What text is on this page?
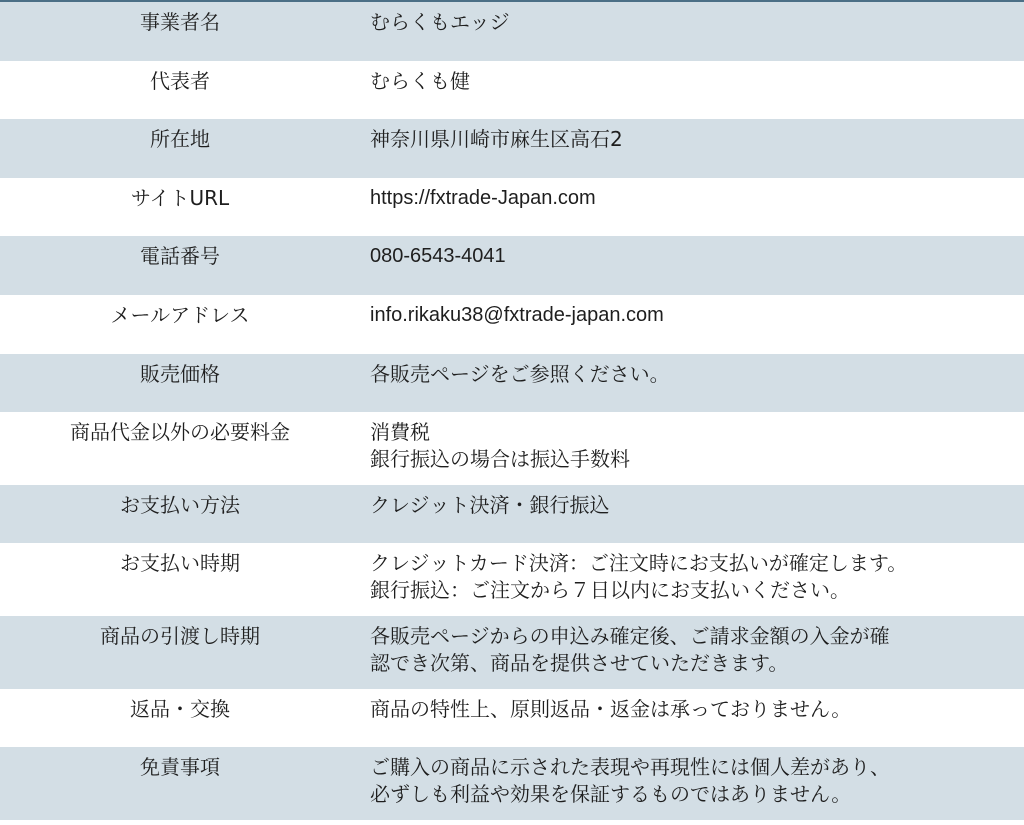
事業者名	むらくもエッジ
代表者	むらくも健
所在地	神奈川県川崎市麻生区高石2
サイトURL	https://fxtrade-Japan.com
電話番号	080-6543-4041
メールアドレス	info.rikaku38@fxtrade-japan.com
販売価格	各販売ページをご参照ください。
商品代金以外の必要料金	消費税
銀行振込の場合は振込手数料
お支払い方法	クレジット決済・銀行振込
お支払い時期	クレジットカード決済：ご注文時にお支払いが確定します。
銀行振込：ご注文から７日以内にお支払いください。
商品の引渡し時期	各販売ページからの申込み確定後、ご請求金額の入金が確
認でき次第、商品を提供させていただきます。
返品・交換	商品の特性上、原則返品・返金は承っておりません。
免責事項	ご購入の商品に示された表現や再現性には個人差があり、
必ずしも利益や効果を保証するものではありません。
